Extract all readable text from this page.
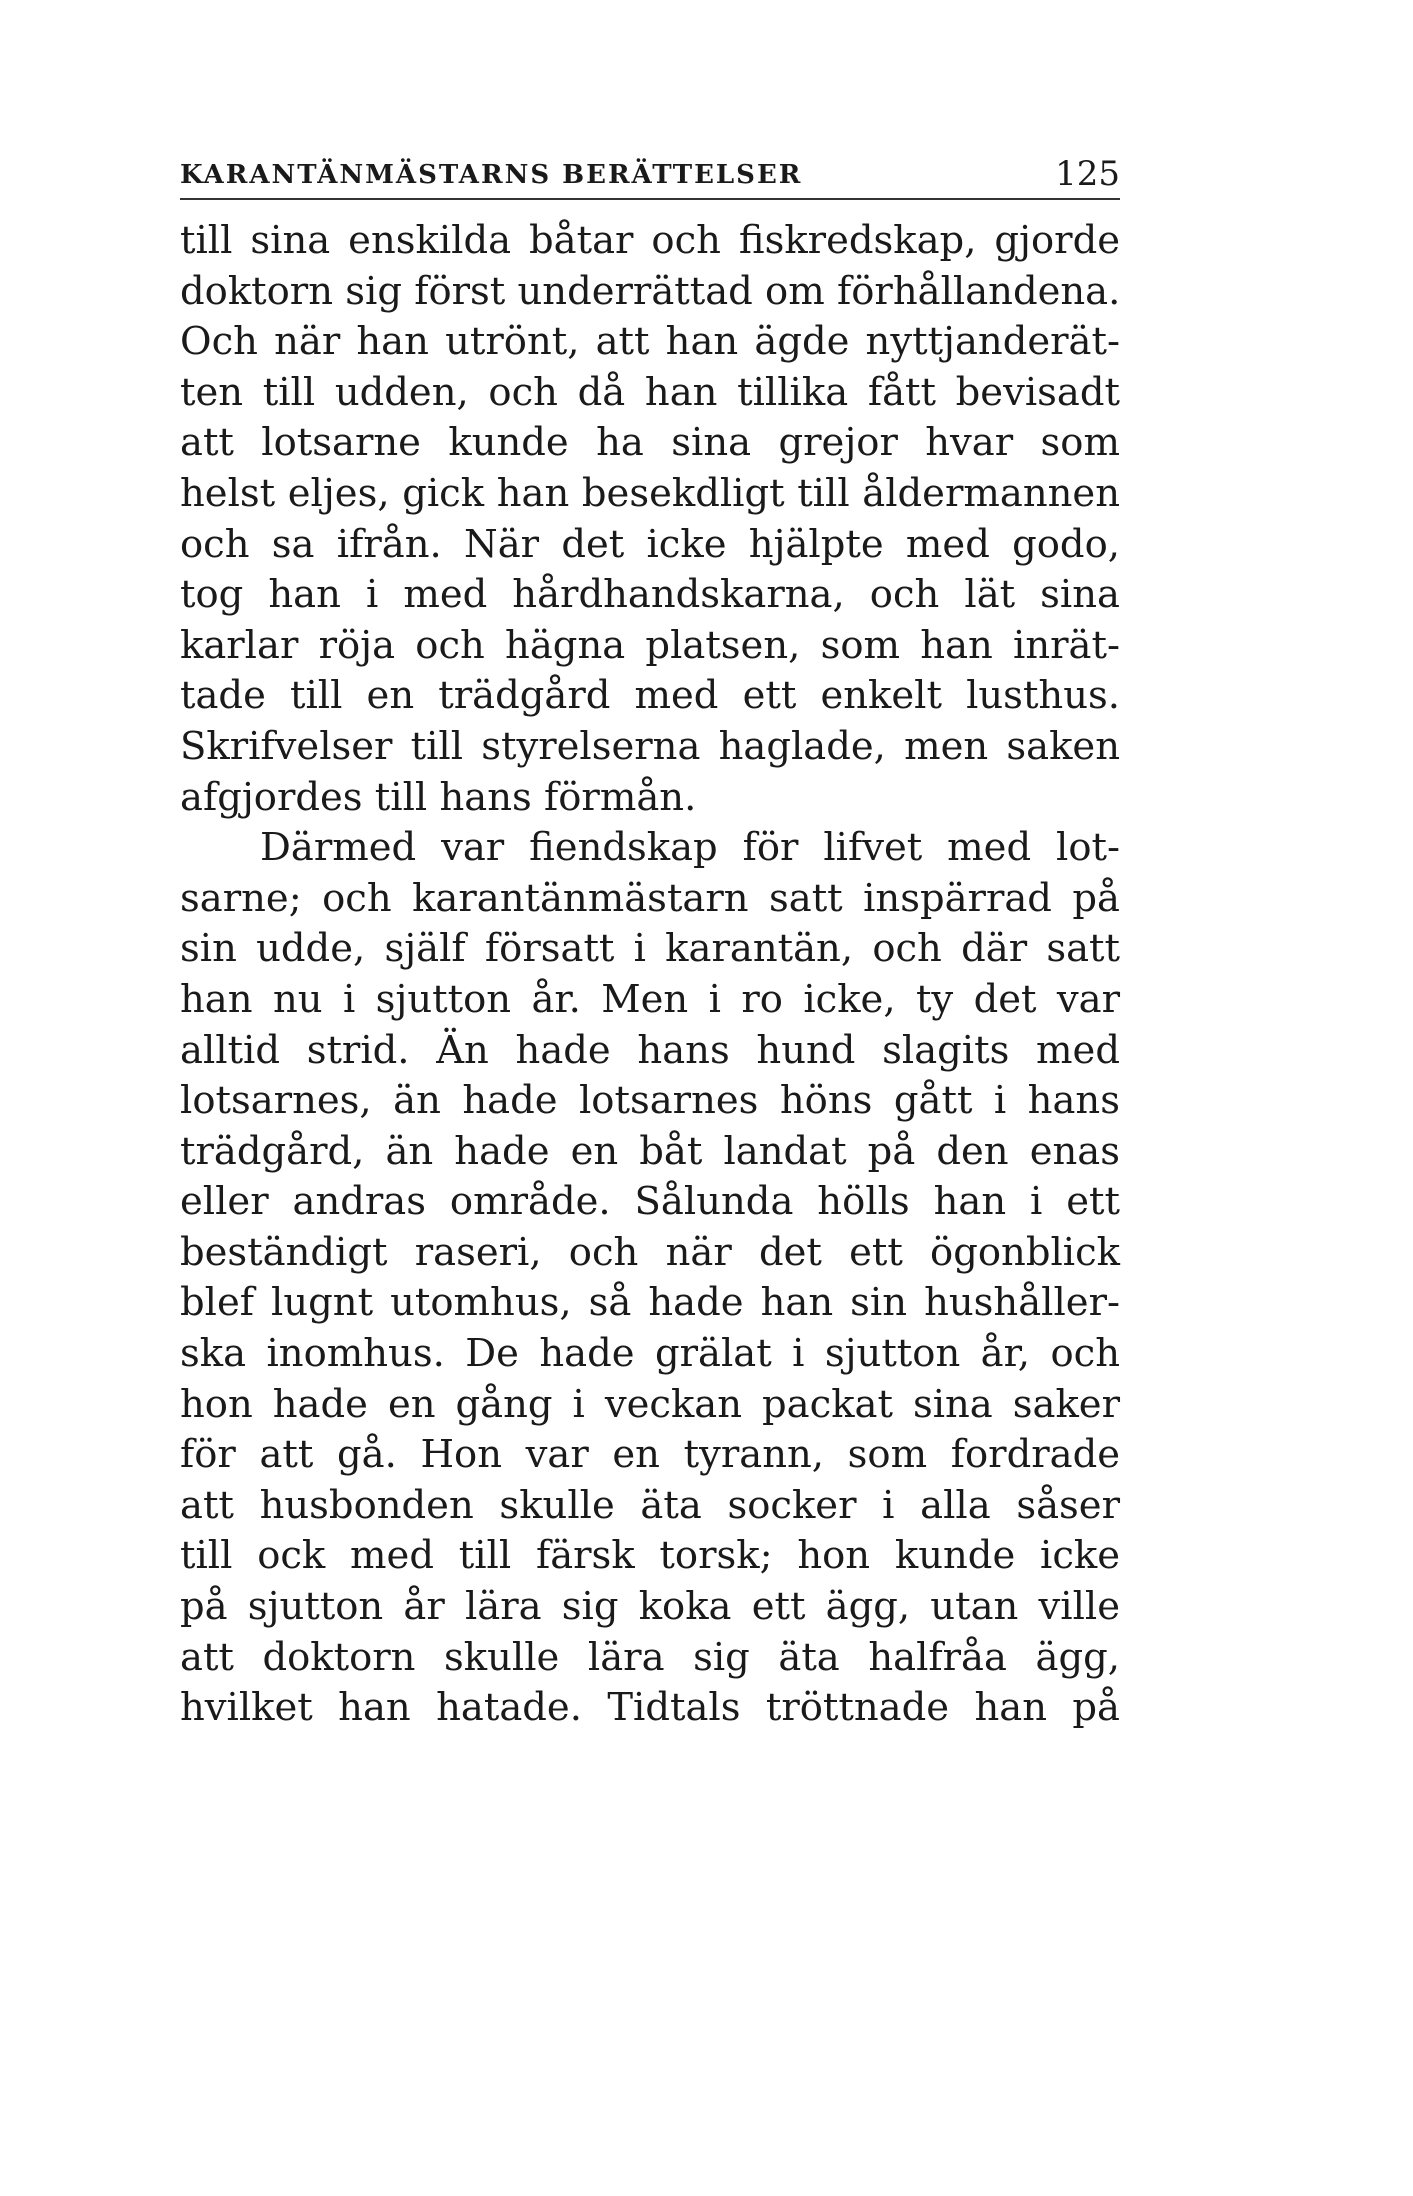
KARANTÄNMÄSTARNS BERÄTTELSER	125
till sina enskilda båtar och fiskredskap, gjorde
doktorn sig först underrättad om förhållandena.
Och när han utrönt, att han ägde nyttjanderät-
ten till udden, och då han tillika fått bevisadt
att lotsarne kunde ha sina grejor hvar som
helst eljes, gick han besekdligt till åldermannen
och sa ifrån. När det icke hjälpte med godo,
tog han i med hårdhandskarna, och lät sina
karlar röja och hägna platsen, som han inrät-
tade till en trädgård med ett enkelt lusthus.
Skrifvelser till styrelserna haglade, men saken
afgjordes till hans förmån.
Därmed var fiendskap för lifvet med lot-
sarne; och karantänmästarn satt inspärrad på
sin udde, själf försatt i karantän, och där satt
han nu i sjutton år. Men i ro icke, ty det var
alltid strid. Än hade hans hund slagits med
lotsarnes, än hade lotsarnes höns gått i hans
trädgård, än hade en båt landat på den enas
eller andras område. Sålunda hölls han i ett
beständigt raseri, och när det ett ögonblick
blef lugnt utomhus, så hade han sin hushåller-
ska inomhus. De hade grälat i sjutton år, och
hon hade en gång i veckan packat sina saker
för att gå. Hon var en tyrann, som fordrade
att husbonden skulle äta socker i alla såser
till ock med till färsk torsk; hon kunde icke
på sjutton år lära sig koka ett ägg, utan ville
att doktorn skulle lära sig äta halfråa ägg,
hvilket han hatade. Tidtals tröttnade han på
